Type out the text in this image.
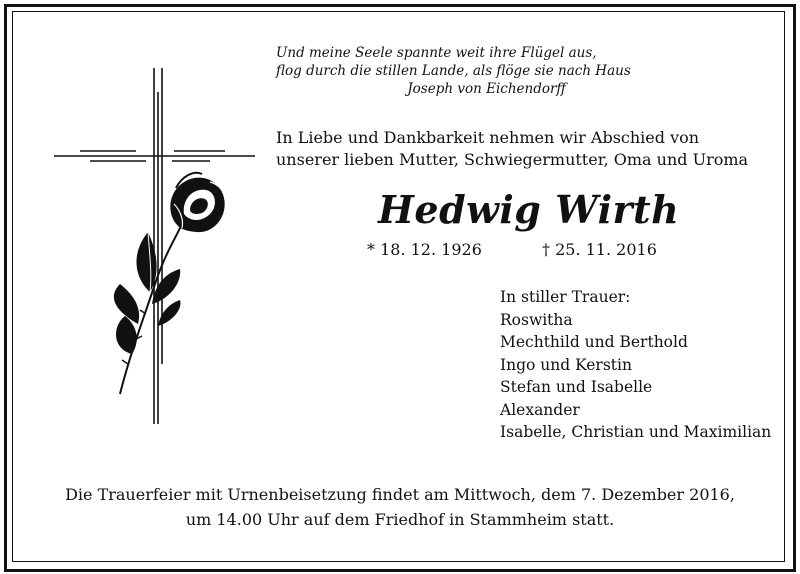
Und meine Seele spannte weit ihre Flügel aus,
flog durch die stillen Lande, als flöge sie nach Haus
Joseph von Eichendorff
In Liebe und Dankbarkeit nehmen wir Abschied von
unserer lieben Mutter, Schwiegermutter, Oma und Uroma
Hedwig Wirth
* 18. 12. 1926	† 25. 11. 2016
In stiller Trauer:
Roswitha
Mechthild und Berthold
Ingo und Kerstin
Stefan und Isabelle
Alexander
Isabelle, Christian und Maximilian
Die Trauerfeier mit Urnenbeisetzung findet am Mittwoch, dem 7. Dezember 2016,
um 14.00 Uhr auf dem Friedhof in Stammheim statt.
